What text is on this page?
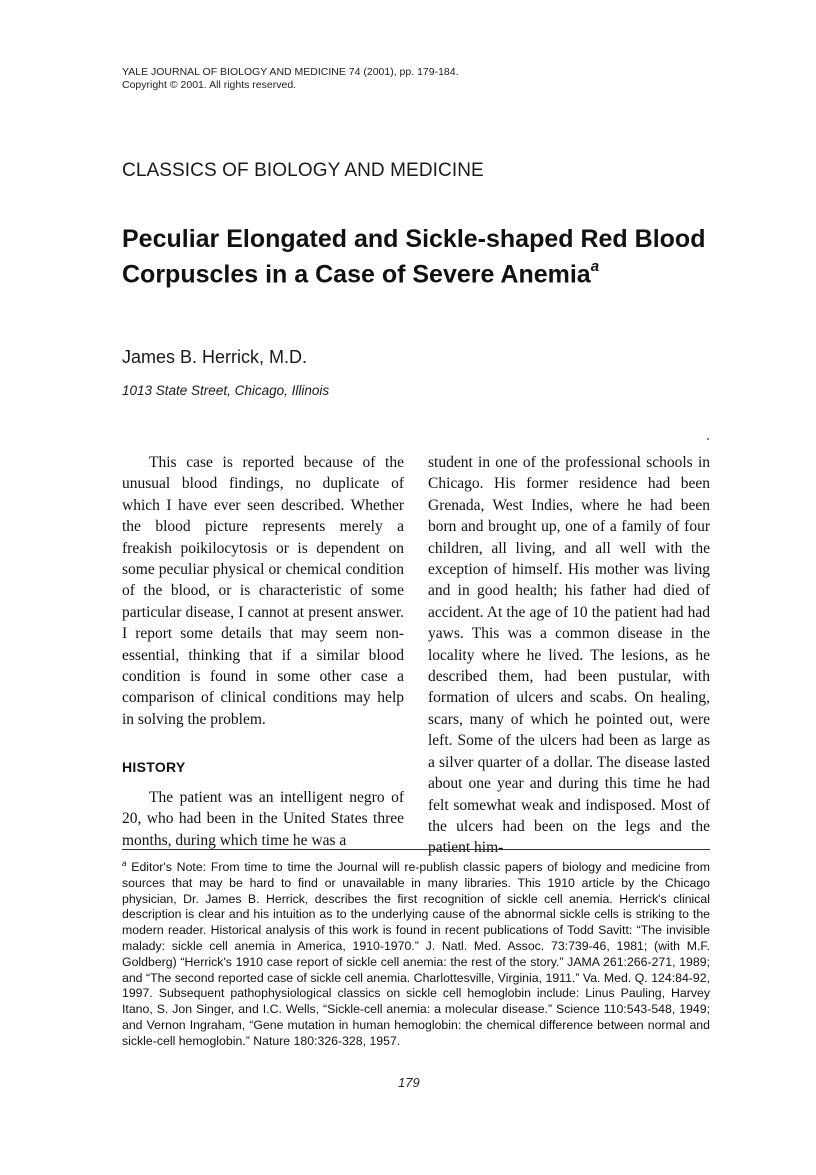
YALE JOURNAL OF BIOLOGY AND MEDICINE 74 (2001), pp. 179-184.
Copyright © 2001. All rights reserved.
CLASSICS OF BIOLOGY AND MEDICINE
Peculiar Elongated and Sickle-shaped Red Blood Corpuscles in a Case of Severe Anemia$^a$
James B. Herrick, M.D.
1013 State Street, Chicago, Illinois

This case is reported because of the unusual blood findings, no duplicate of which I have ever seen described. Whether the blood picture represents merely a freakish poikilocytosis or is dependent on some peculiar physical or chemical condition of the blood, or is characteristic of some particular disease, I cannot at present answer. I report some details that may seem non-essential, thinking that if a similar blood condition is found in some other case a comparison of clinical conditions may help in solving the problem.

HISTORY

The patient was an intelligent negro of 20, who had been in the United States three months, during which time he was a

student in one of the professional schools in Chicago. His former residence had been Grenada, West Indies, where he had been born and brought up, one of a family of four children, all living, and all well with the exception of himself. His mother was living and in good health; his father had died of accident. At the age of 10 the patient had had yaws. This was a common disease in the locality where he lived. The lesions, as he described them, had been pustular, with formation of ulcers and scabs. On healing, scars, many of which he pointed out, were left. Some of the ulcers had been as large as a silver quarter of a dollar. The disease lasted about one year and during this time he had felt somewhat weak and indisposed. Most of the ulcers had been on the legs and the patient him-

$^a$ Editor's Note: From time to time the Journal will re-publish classic papers of biology and medicine from sources that may be hard to find or unavailable in many libraries. This 1910 article by the Chicago physician, Dr. James B. Herrick, describes the first recognition of sickle cell anemia. Herrick's clinical description is clear and his intuition as to the underlying cause of the abnormal sickle cells is striking to the modern reader. Historical analysis of this work is found in recent publications of Todd Savitt: “The invisible malady: sickle cell anemia in America, 1910-1970.” J. Natl. Med. Assoc. 73:739-46, 1981; (with M.F. Goldberg) “Herrick's 1910 case report of sickle cell anemia: the rest of the story.” JAMA 261:266-271, 1989; and “The second reported case of sickle cell anemia. Charlottesville, Virginia, 1911.” Va. Med. Q. 124:84-92, 1997. Subsequent pathophysiological classics on sickle cell hemoglobin include: Linus Pauling, Harvey Itano, S. Jon Singer, and I.C. Wells, “Sickle-cell anemia: a molecular disease.” Science 110:543-548, 1949; and Vernon Ingraham, “Gene mutation in human hemoglobin: the chemical difference between normal and sickle-cell hemoglobin.” Nature 180:326-328, 1957.
179
